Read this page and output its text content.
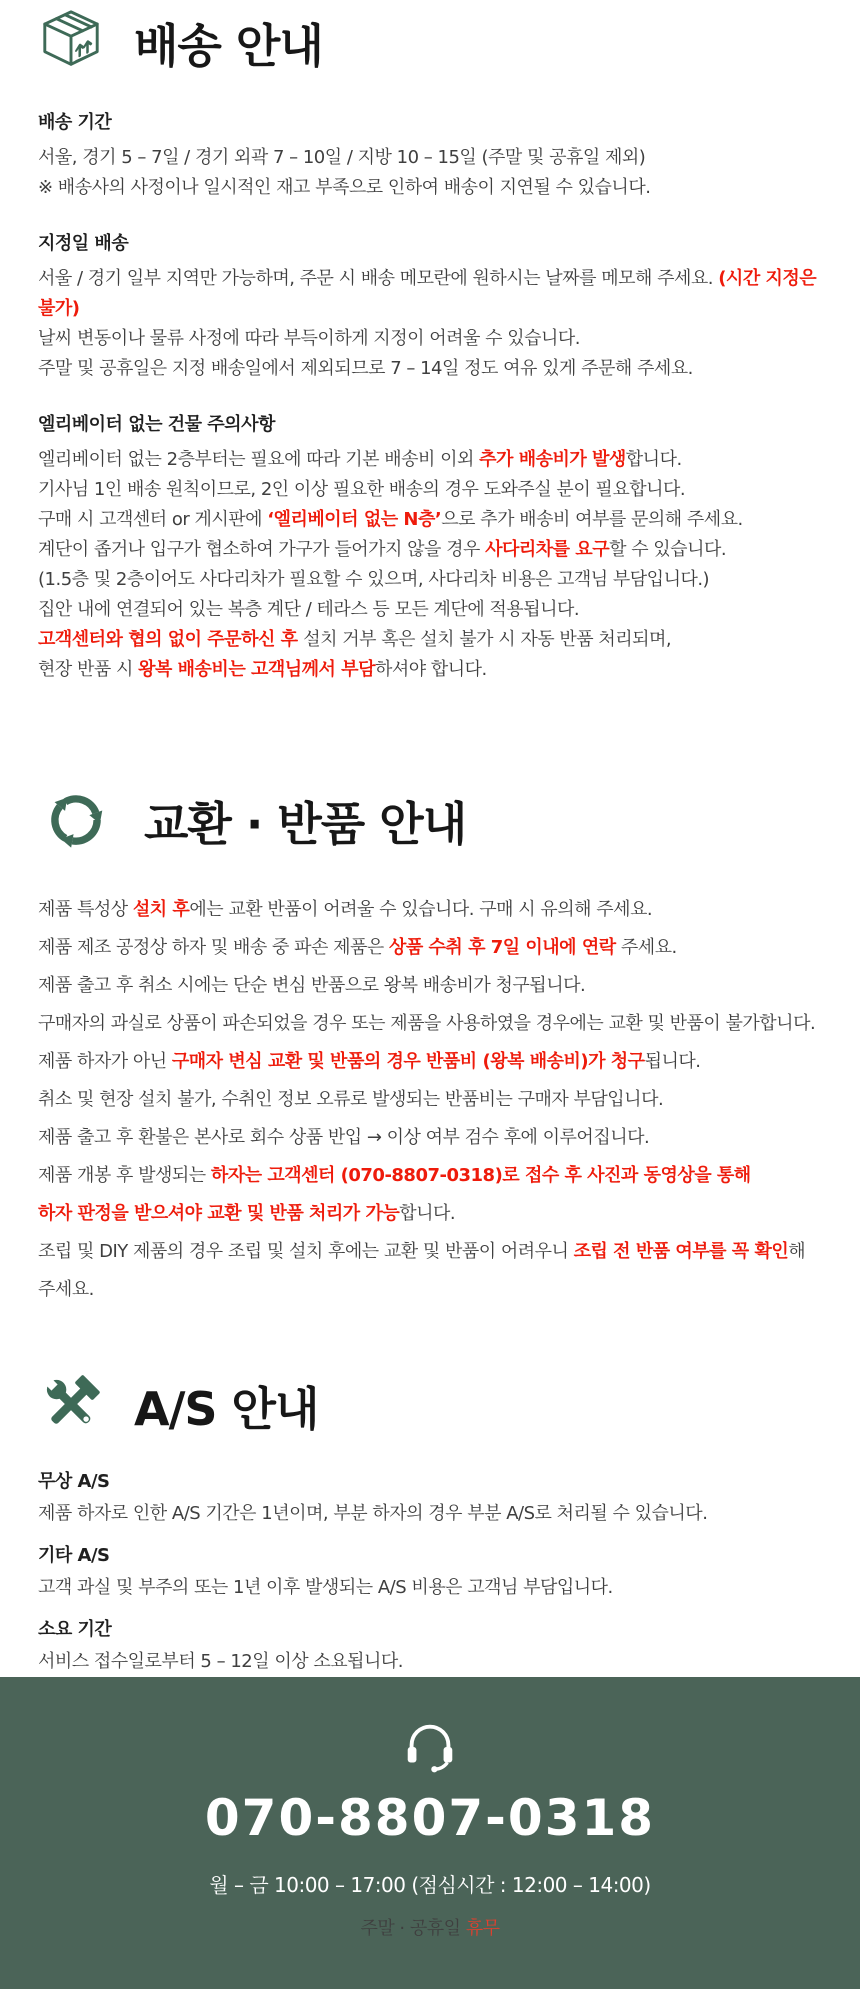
배송 안내
배송 기간

서울, 경기 5 – 7일 / 경기 외곽 7 – 10일 / 지방 10 – 15일 (주말 및 공휴일 제외)

※ 배송사의 사정이나 일시적인 재고 부족으로 인하여 배송이 지연될 수 있습니다.

지정일 배송

서울 / 경기 일부 지역만 가능하며, 주문 시 배송 메모란에 원하시는 날짜를 메모해 주세요. (시간 지정은 불가)

날씨 변동이나 물류 사정에 따라 부득이하게 지정이 어려울 수 있습니다.

주말 및 공휴일은 지정 배송일에서 제외되므로 7 – 14일 정도 여유 있게 주문해 주세요.

엘리베이터 없는 건물 주의사항

엘리베이터 없는 2층부터는 필요에 따라 기본 배송비 이외 추가 배송비가 발생합니다.

기사님 1인 배송 원칙이므로, 2인 이상 필요한 배송의 경우 도와주실 분이 필요합니다.

구매 시 고객센터 or 게시판에 ‘엘리베이터 없는 N층’으로 추가 배송비 여부를 문의해 주세요.

계단이 좁거나 입구가 협소하여 가구가 들어가지 않을 경우 사다리차를 요구할 수 있습니다.

(1.5층 및 2층이어도 사다리차가 필요할 수 있으며, 사다리차 비용은 고객님 부담입니다.)

집안 내에 연결되어 있는 복층 계단 / 테라스 등 모든 계단에 적용됩니다.

고객센터와 협의 없이 주문하신 후 설치 거부 혹은 설치 불가 시 자동 반품 처리되며,

현장 반품 시 왕복 배송비는 고객님께서 부담하셔야 합니다.

교환 · 반품 안내

제품 특성상 설치 후에는 교환 반품이 어려울 수 있습니다. 구매 시 유의해 주세요.

제품 제조 공정상 하자 및 배송 중 파손 제품은 상품 수취 후 7일 이내에 연락 주세요.

제품 출고 후 취소 시에는 단순 변심 반품으로 왕복 배송비가 청구됩니다.

구매자의 과실로 상품이 파손되었을 경우 또는 제품을 사용하였을 경우에는 교환 및 반품이 불가합니다.

제품 하자가 아닌 구매자 변심 교환 및 반품의 경우 반품비 (왕복 배송비)가 청구됩니다.

취소 및 현장 설치 불가, 수취인 정보 오류로 발생되는 반품비는 구매자 부담입니다.

제품 출고 후 환불은 본사로 회수 상품 반입 → 이상 여부 검수 후에 이루어집니다.

제품 개봉 후 발생되는 하자는 고객센터 (070-8807-0318)로 접수 후 사진과 동영상을 통해

하자 판정을 받으셔야 교환 및 반품 처리가 가능합니다.

조립 및 DIY 제품의 경우 조립 및 설치 후에는 교환 및 반품이 어려우니 조립 전 반품 여부를 꼭 확인해 주세요.

A/S 안내
무상 A/S

제품 하자로 인한 A/S 기간은 1년이며, 부분 하자의 경우 부분 A/S로 처리될 수 있습니다.

기타 A/S

고객 과실 및 부주의 또는 1년 이후 발생되는 A/S 비용은 고객님 부담입니다.

소요 기간

서비스 접수일로부터 5 – 12일 이상 소요됩니다.

070-8807-0318
월 – 금 10:00 – 17:00 (점심시간 : 12:00 – 14:00)

주말 · 공휴일 휴무
